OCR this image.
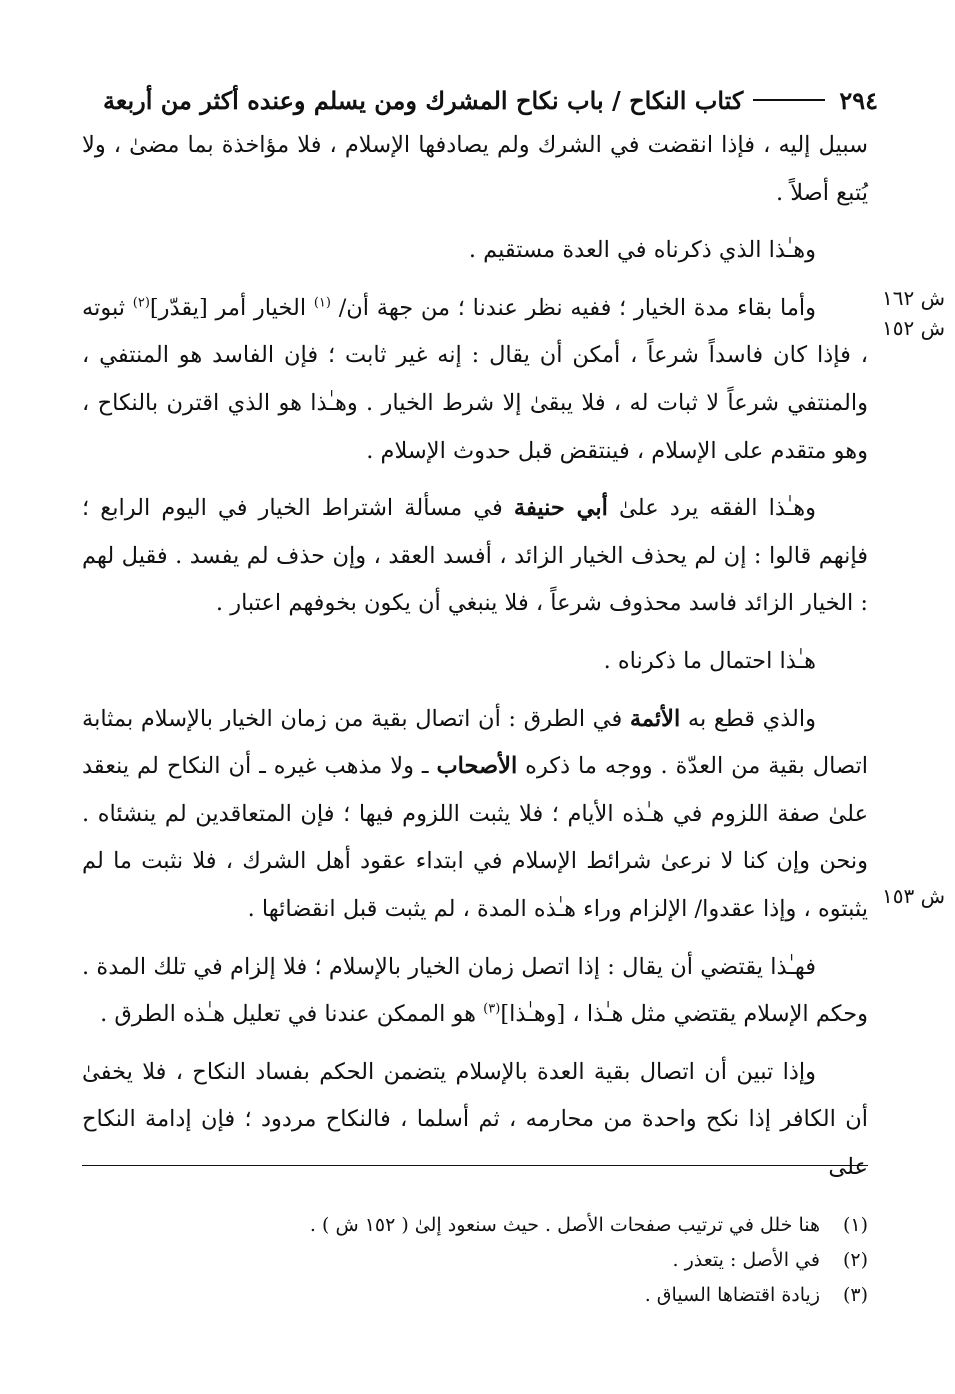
٢٩٤
كتاب النكاح / باب نكاح المشرك ومن يسلم وعنده أكثر من أربعة
ش ١٦٢
ش ١٥٢
ش ١٥٣

سبيل إليه ، فإذا انقضت في الشرك ولم يصادفها الإسلام ، فلا مؤاخذة بما مضىٰ ، ولا يُتبع أصلاً .

وهـٰذا الذي ذكرناه في العدة مستقيم .

وأما بقاء مدة الخيار ؛ ففيه نظر عندنا ؛ من جهة أن/ $^{(١)}$ الخيار أمر [يقدّر]$^{(٢)}$ ثبوته ، فإذا كان فاسداً شرعاً ، أمكن أن يقال : إنه غير ثابت ؛ فإن الفاسد هو المنتفي ، والمنتفي شرعاً لا ثبات له ، فلا يبقىٰ إلا شرط الخيار . وهـٰذا هو الذي اقترن بالنكاح ، وهو متقدم على الإسلام ، فينتقض قبل حدوث الإسلام .

وهـٰذا الفقه يرد علىٰ أبي حنيفة في مسألة اشتراط الخيار في اليوم الرابع ؛ فإنهم قالوا : إن لم يحذف الخيار الزائد ، أفسد العقد ، وإن حذف لم يفسد . فقيل لهم : الخيار الزائد فاسد محذوف شرعاً ، فلا ينبغي أن يكون بخوفهم اعتبار .

هـٰذا احتمال ما ذكرناه .

والذي قطع به الأئمة في الطرق : أن اتصال بقية من زمان الخيار بالإسلام بمثابة اتصال بقية من العدّة . ووجه ما ذكره الأصحاب ـ ولا مذهب غيره ـ أن النكاح لم ينعقد علىٰ صفة اللزوم في هـٰذه الأيام ؛ فلا يثبت اللزوم فيها ؛ فإن المتعاقدين لم ينشئاه . ونحن وإن كنا لا نرعىٰ شرائط الإسلام في ابتداء عقود أهل الشرك ، فلا نثبت ما لم يثبتوه ، وإذا عقدوا/ الإلزام وراء هـٰذه المدة ، لم يثبت قبل انقضائها .

فهـٰذا يقتضي أن يقال : إذا اتصل زمان الخيار بالإسلام ؛ فلا إلزام في تلك المدة . وحكم الإسلام يقتضي مثل هـٰذا ، [وهـٰذا]$^{(٣)}$ هو الممكن عندنا في تعليل هـٰذه الطرق .

وإذا تبين أن اتصال بقية العدة بالإسلام يتضمن الحكم بفساد النكاح ، فلا يخفىٰ أن الكافر إذا نكح واحدة من محارمه ، ثم أسلما ، فالنكاح مردود ؛ فإن إدامة النكاح على

(١)
هنا خلل في ترتيب صفحات الأصل . حيث سنعود إلىٰ ( ١٥٢ ش ) .
(٢)
في الأصل : يتعذر .
(٣)
زيادة اقتضاها السياق .
